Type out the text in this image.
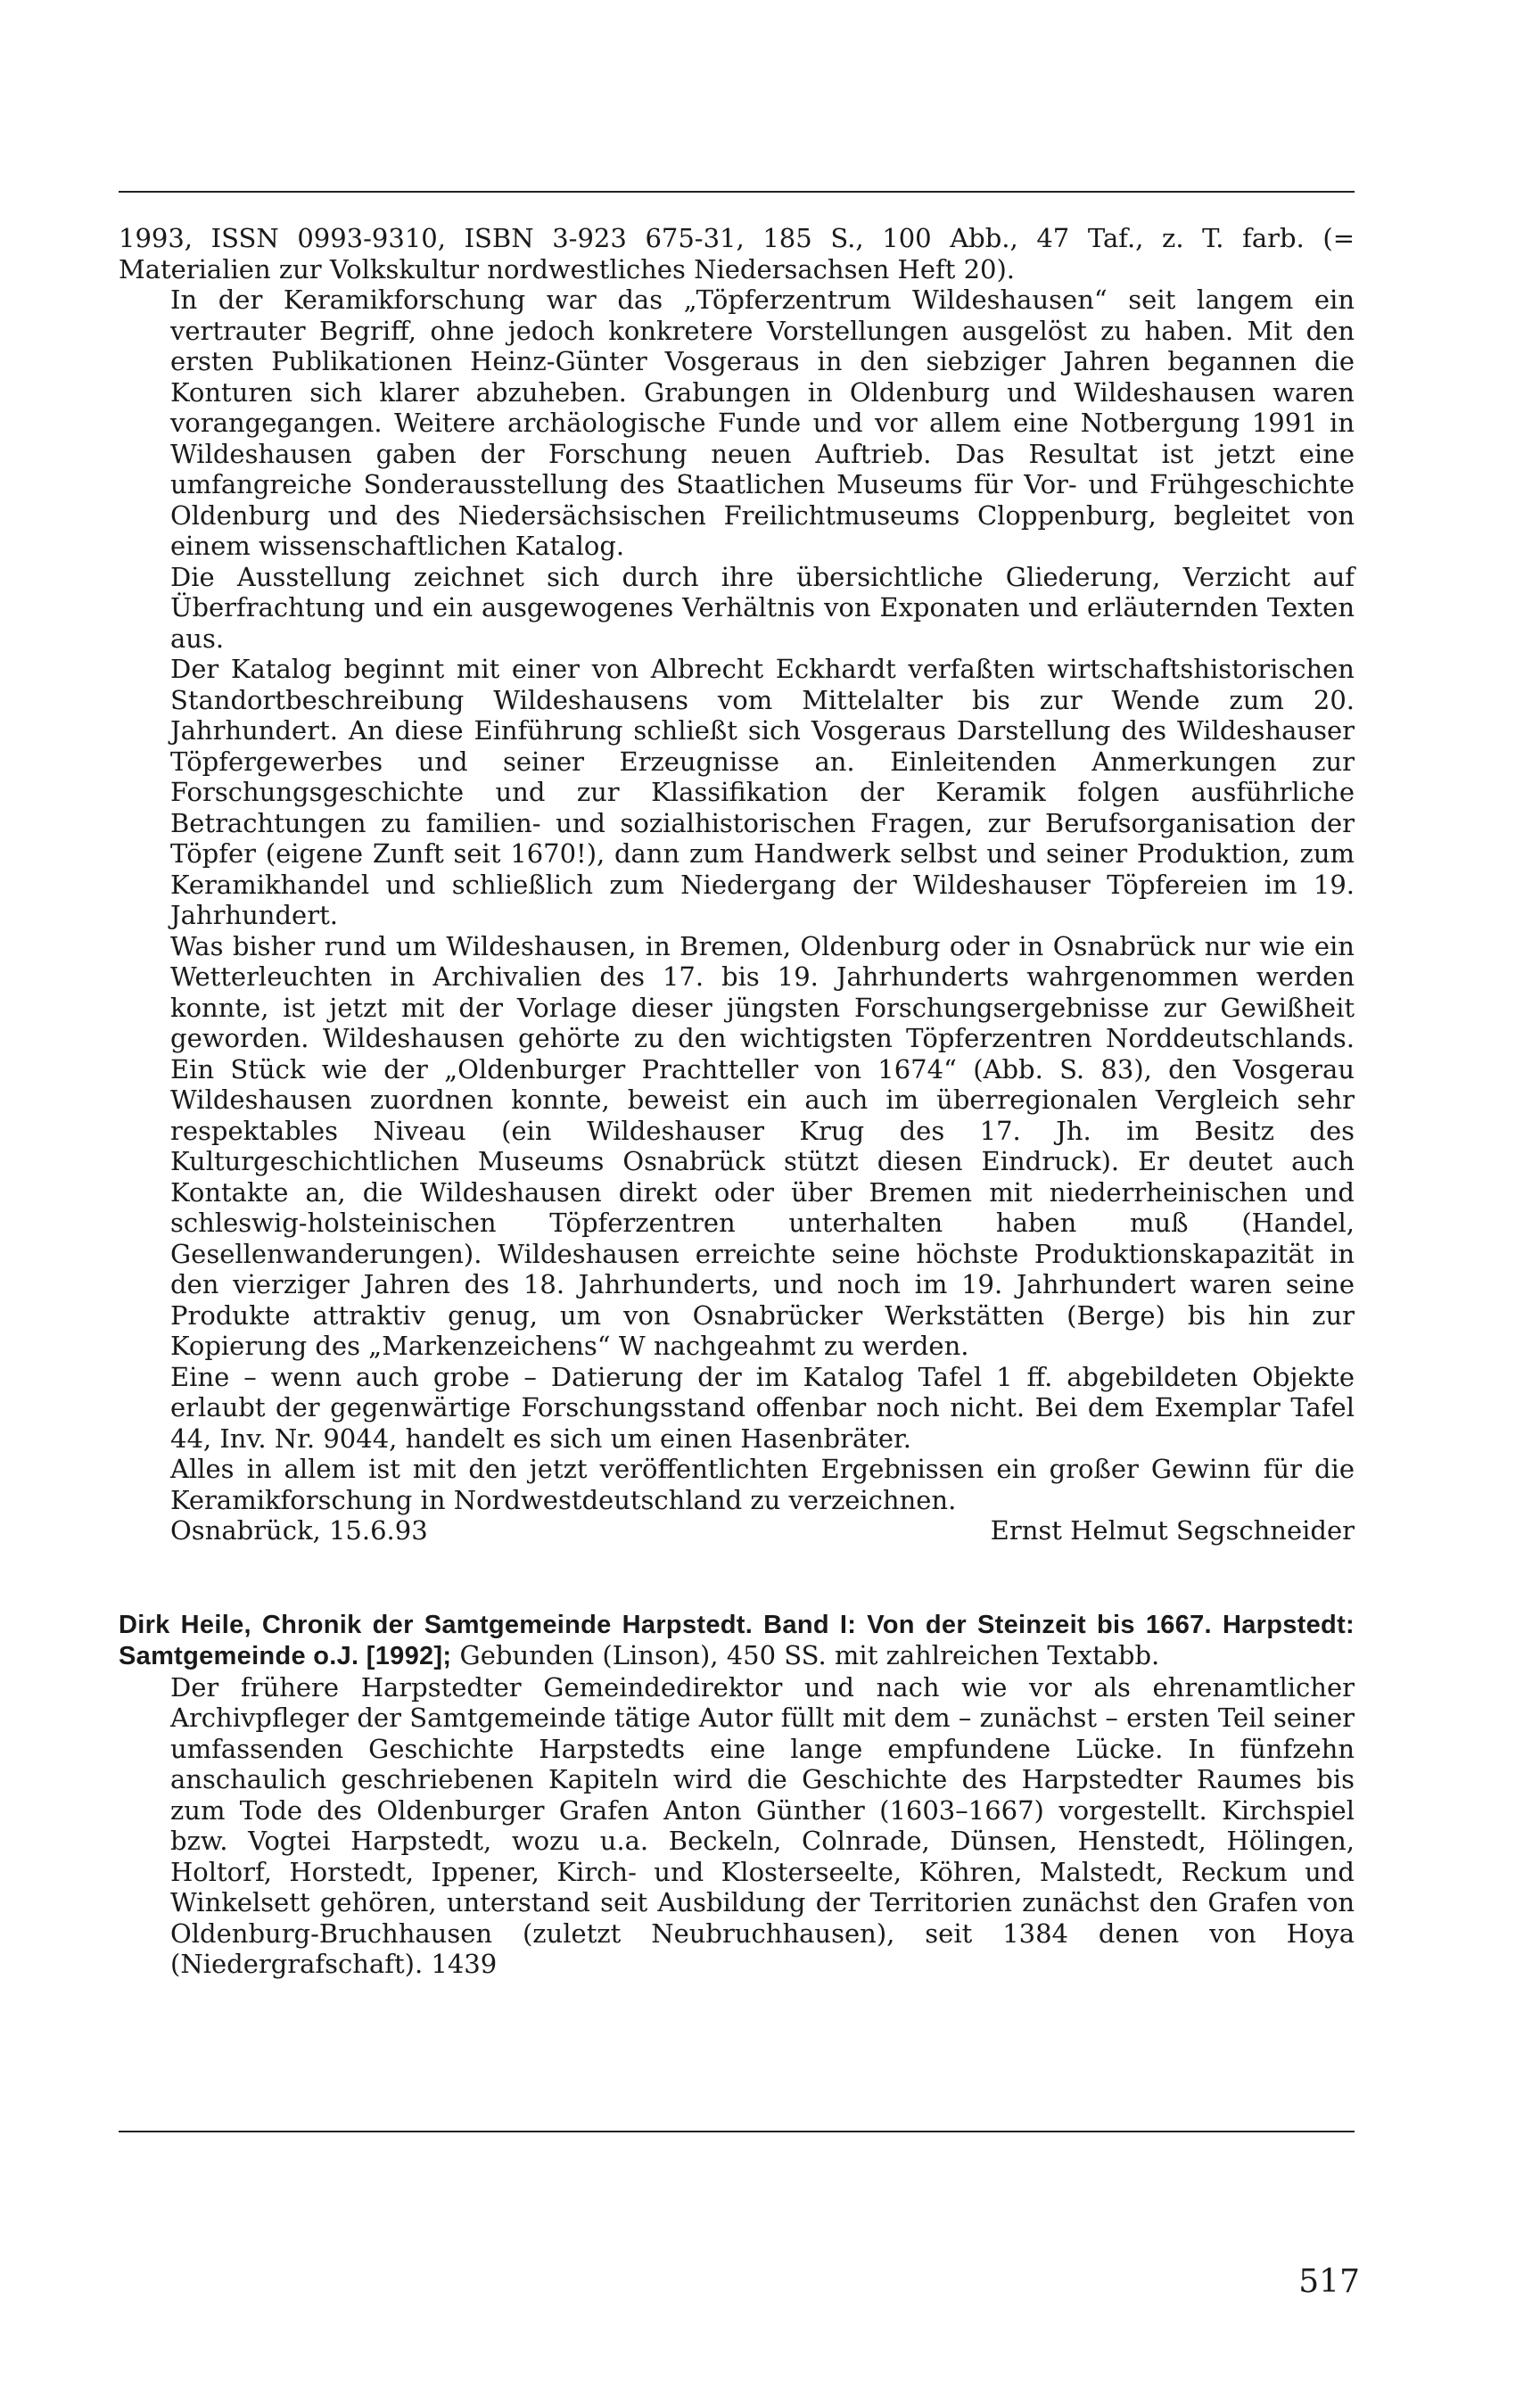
1993, ISSN 0993-9310, ISBN 3-923 675-31, 185 S., 100 Abb., 47 Taf., z. T. farb. (= Materialien zur Volkskultur nordwestliches Niedersachsen Heft 20).

In der Keramikforschung war das „Töpferzentrum Wildeshausen“ seit langem ein vertrauter Begriff, ohne jedoch konkretere Vorstellungen ausgelöst zu haben. Mit den ersten Publikationen Heinz-Günter Vosgeraus in den siebziger Jahren begannen die Konturen sich klarer abzuheben. Grabungen in Oldenburg und Wildeshausen waren vorangegangen. Weitere archäologische Funde und vor allem eine Notbergung 1991 in Wildeshausen gaben der Forschung neuen Auftrieb. Das Resultat ist jetzt eine umfangreiche Sonderausstellung des Staatlichen Museums für Vor- und Frühgeschichte Oldenburg und des Niedersächsischen Freilichtmuseums Cloppenburg, begleitet von einem wissenschaftlichen Katalog.

Die Ausstellung zeichnet sich durch ihre übersichtliche Gliederung, Verzicht auf Überfrachtung und ein ausgewogenes Verhältnis von Exponaten und erläuternden Texten aus.

Der Katalog beginnt mit einer von Albrecht Eckhardt verfaßten wirtschaftshistorischen Standortbeschreibung Wildeshausens vom Mittelalter bis zur Wende zum 20. Jahrhundert. An diese Einführung schließt sich Vosgeraus Darstellung des Wildeshauser Töpfergewerbes und seiner Erzeugnisse an. Einleitenden Anmerkungen zur Forschungsgeschichte und zur Klassifikation der Keramik folgen ausführliche Betrachtungen zu familien- und sozialhistorischen Fragen, zur Berufsorganisation der Töpfer (eigene Zunft seit 1670!), dann zum Handwerk selbst und seiner Produktion, zum Keramikhandel und schließlich zum Niedergang der Wildeshauser Töpfereien im 19. Jahrhundert.

Was bisher rund um Wildeshausen, in Bremen, Oldenburg oder in Osnabrück nur wie ein Wetterleuchten in Archivalien des 17. bis 19. Jahrhunderts wahrgenommen werden konnte, ist jetzt mit der Vorlage dieser jüngsten Forschungsergebnisse zur Gewißheit geworden. Wildeshausen gehörte zu den wichtigsten Töpferzentren Norddeutschlands. Ein Stück wie der „Oldenburger Prachtteller von 1674“ (Abb. S. 83), den Vosgerau Wildeshausen zuordnen konnte, beweist ein auch im überregionalen Vergleich sehr respektables Niveau (ein Wildeshauser Krug des 17. Jh. im Besitz des Kulturgeschichtlichen Museums Osnabrück stützt diesen Eindruck). Er deutet auch Kontakte an, die Wildeshausen direkt oder über Bremen mit niederrheinischen und schleswig-holsteinischen Töpferzentren unterhalten haben muß (Handel, Gesellenwanderungen). Wildeshausen erreichte seine höchste Produktionskapazität in den vierziger Jahren des 18. Jahrhunderts, und noch im 19. Jahrhundert waren seine Produkte attraktiv genug, um von Osnabrücker Werkstätten (Berge) bis hin zur Kopierung des „Markenzeichens“ W nachgeahmt zu werden.

Eine – wenn auch grobe – Datierung der im Katalog Tafel 1 ff. abgebildeten Objekte erlaubt der gegenwärtige Forschungsstand offenbar noch nicht. Bei dem Exemplar Tafel 44, Inv. Nr. 9044, handelt es sich um einen Hasenbräter.

Alles in allem ist mit den jetzt veröffentlichten Ergebnissen ein großer Gewinn für die Keramikforschung in Nordwestdeutschland zu verzeichnen.

Osnabrück, 15.6.93	Ernst Helmut Segschneider

Dirk Heile, Chronik der Samtgemeinde Harpstedt. Band I: Von der Steinzeit bis 1667. Harpstedt: Samtgemeinde o.J. [1992]; Gebunden (Linson), 450 SS. mit zahlreichen Textabb.

Der frühere Harpstedter Gemeindedirektor und nach wie vor als ehrenamtlicher Archivpfleger der Samtgemeinde tätige Autor füllt mit dem – zunächst – ersten Teil seiner umfassenden Geschichte Harpstedts eine lange empfundene Lücke. In fünfzehn anschaulich geschriebenen Kapiteln wird die Geschichte des Harpstedter Raumes bis zum Tode des Oldenburger Grafen Anton Günther (1603–1667) vorgestellt. Kirchspiel bzw. Vogtei Harpstedt, wozu u.a. Beckeln, Colnrade, Dünsen, Henstedt, Hölingen, Holtorf, Horstedt, Ippener, Kirch- und Klosterseelte, Köhren, Malstedt, Reckum und Winkelsett gehören, unterstand seit Ausbildung der Territorien zunächst den Grafen von Oldenburg-Bruchhausen (zuletzt Neubruchhausen), seit 1384 denen von Hoya (Niedergrafschaft). 1439

517
